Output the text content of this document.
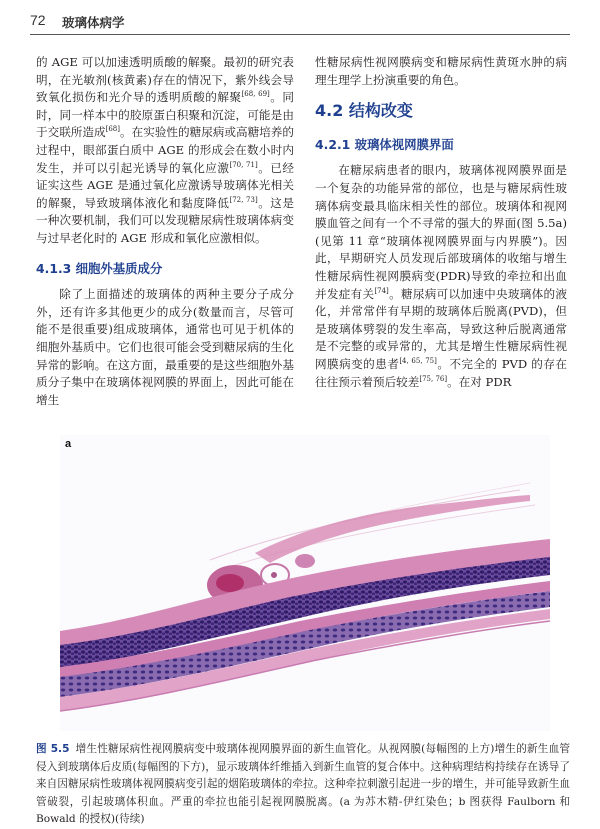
72 玻璃体病学

的 AGE 可以加速透明质酸的解聚。最初的研究表明，在光敏剂(核黄素)存在的情况下，紫外线会导致氧化损伤和光介导的透明质酸的解聚[68, 69]。同时，同一样本中的胶原蛋白积聚和沉淀，可能是由于交联所造成[68]。在实验性的糖尿病或高糖培养的过程中，眼部蛋白质中 AGE 的形成会在数小时内发生，并可以引起光诱导的氧化应激[70, 71]。已经证实这些 AGE 是通过氧化应激诱导玻璃体光相关的解聚，导致玻璃体液化和黏度降低[72, 73]。这是一种次要机制，我们可以发现糖尿病性玻璃体病变与过早老化时的 AGE 形成和氧化应激相似。

4.1.3 细胞外基质成分

除了上面描述的玻璃体的两种主要分子成分外，还有许多其他更少的成分(数量而言，尽管可能不是很重要)组成玻璃体，通常也可见于机体的细胞外基质中。它们也很可能会受到糖尿病的生化异常的影响。在这方面，最重要的是这些细胞外基质分子集中在玻璃体视网膜的界面上，因此可能在增生

性糖尿病性视网膜病变和糖尿病性黄斑水肿的病理生理学上扮演重要的角色。

4.2 结构改变
4.2.1 玻璃体视网膜界面

在糖尿病患者的眼内，玻璃体视网膜界面是一个复杂的功能异常的部位，也是与糖尿病性玻璃体病变最具临床相关性的部位。玻璃体和视网膜血管之间有一个不寻常的强大的界面(图 5.5a)(见第 11 章“玻璃体视网膜界面与内界膜”)。因此，早期研究人员发现后部玻璃体的收缩与增生性糖尿病性视网膜病变(PDR)导致的牵拉和出血并发症有关[74]。糖尿病可以加速中央玻璃体的液化，并常常伴有早期的玻璃体后脱离(PVD)，但是玻璃体劈裂的发生率高，导致这种后脱离通常是不完整的或异常的，尤其是增生性糖尿病性视网膜病变的患者[4, 65, 75]。不完全的 PVD 的存在往往预示着预后较差[75, 76]。在对 PDR

a
图 5.5 增生性糖尿病性视网膜病变中玻璃体视网膜界面的新生血管化。从视网膜(每幅图的上方)增生的新生血管侵入到玻璃体后皮质(每幅图的下方)，显示玻璃体纤维插入到新生血管的复合体中。这种病理结构持续存在诱导了来自因糖尿病性玻璃体视网膜病变引起的烟陷玻璃体的牵拉。这种牵拉刺激引起进一步的增生，并可能导致新生血管破裂，引起玻璃体积血。严重的牵拉也能引起视网膜脱离。(a 为苏木精-伊红染色；b 图获得 Faulborn 和 Bowald 的授权)(待续)
